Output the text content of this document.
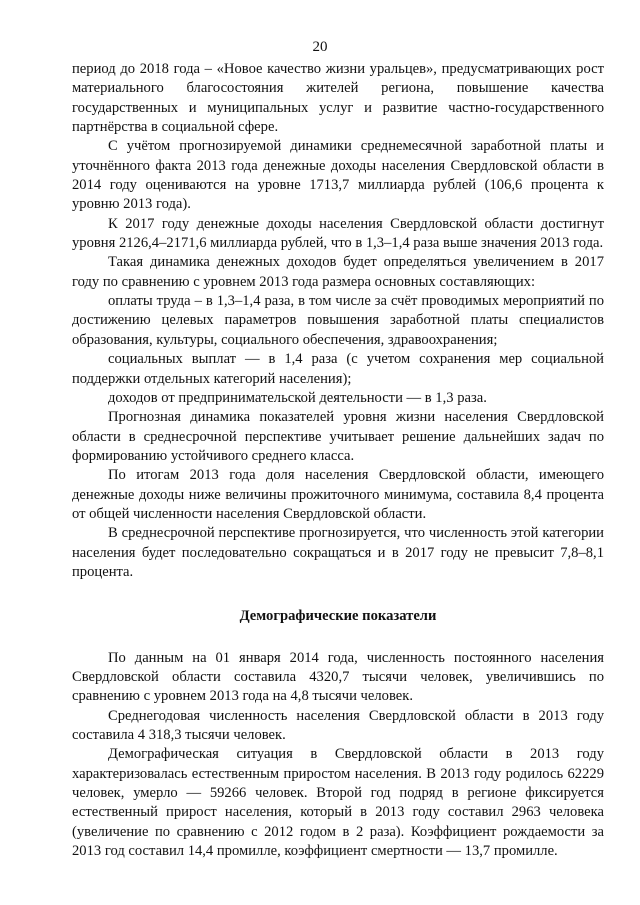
20

период до 2018 года – «Новое качество жизни уральцев», предусматривающих рост материального благосостояния жителей региона, повышение качества государственных и муниципальных услуг и развитие частно-государственного партнёрства в социальной сфере.

С учётом прогнозируемой динамики среднемесячной заработной платы и уточнённого факта 2013 года денежные доходы населения Свердловской области в 2014 году оцениваются на уровне 1713,7 миллиарда рублей (106,6 процента к уровню 2013 года).

К 2017 году денежные доходы населения Свердловской области достигнут уровня 2126,4–2171,6 миллиарда рублей, что в 1,3–1,4 раза выше значения 2013 года.

Такая динамика денежных доходов будет определяться увеличением в 2017 году по сравнению с уровнем 2013 года размера основных составляющих:

оплаты труда – в 1,3–1,4 раза, в том числе за счёт проводимых мероприятий по достижению целевых параметров повышения заработной платы специалистов образования, культуры, социального обеспечения, здравоохранения;

социальных выплат — в 1,4 раза (с учетом сохранения мер социальной поддержки отдельных категорий населения);

доходов от предпринимательской деятельности — в 1,3 раза.

Прогнозная динамика показателей уровня жизни населения Свердловской области в среднесрочной перспективе учитывает решение дальнейших задач по формированию устойчивого среднего класса.

По итогам 2013 года доля населения Свердловской области, имеющего денежные доходы ниже величины прожиточного минимума, составила 8,4 процента от общей численности населения Свердловской области.

В среднесрочной перспективе прогнозируется, что численность этой категории населения будет последовательно сокращаться и в 2017 году не превысит 7,8–8,1 процента.

Демографические показатели

По данным на 01 января 2014 года, численность постоянного населения Свердловской области составила 4320,7 тысячи человек, увеличившись по сравнению с уровнем 2013 года на 4,8 тысячи человек.

Среднегодовая численность населения Свердловской области в 2013 году составила 4 318,3 тысячи человек.

Демографическая ситуация в Свердловской области в 2013 году характеризовалась естественным приростом населения. В 2013 году родилось 62229 человек, умерло — 59266 человек. Второй год подряд в регионе фиксируется естественный прирост населения, который в 2013 году составил 2963 человека (увеличение по сравнению с 2012 годом в 2 раза). Коэффициент рождаемости за 2013 год составил 14,4 промилле, коэффициент смертности — 13,7 промилле.
